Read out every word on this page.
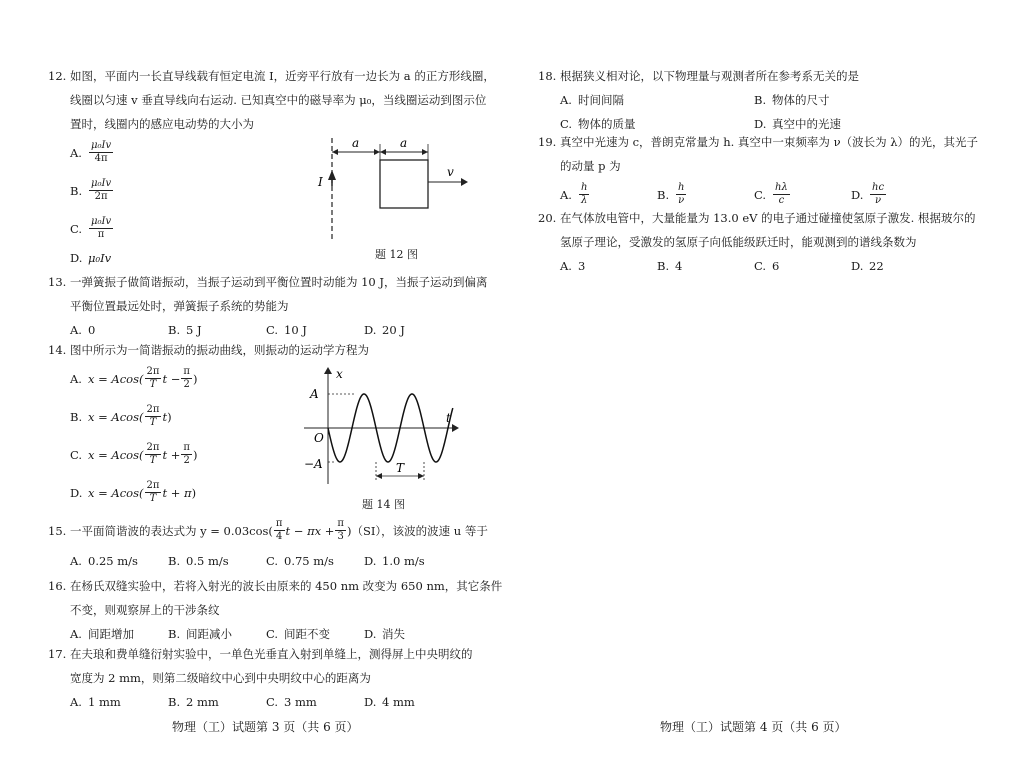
12. 如图，平面内一长直导线载有恒定电流 I，近旁平行放有一边长为 a 的正方形线圈，

线圈以匀速 v 垂直导线向右运动. 已知真空中的磁导率为 μ₀，当线圈运动到图示位

置时，线圈内的感应电动势的大小为

A. $\frac{\text{μ₀Iv}}{4\pi}$
B. $\frac{\text{μ₀Iv}}{2\pi}$
C. $\frac{\text{μ₀Iv}}{\pi}$
D. μ₀Iv
I
a	a
v
题 12 图

13. 一弹簧振子做简谐振动，当振子运动到平衡位置时动能为 10 J，当振子运动到偏离

平衡位置最远处时，弹簧振子系统的势能为

A. 0	B. 5 J	C. 10 J	D. 20 J

14. 图中所示为一简谐振动的振动曲线，则振动的运动学方程为

A. $x = Acos( \frac{2\pi}{T}$ $t - \frac{\pi}{2}$ )
B. $x = Acos( \frac{2\pi}{T}$ t )
C. $x = Acos( \frac{2\pi}{T}$ $t + \frac{\pi}{2}$ )
D. $x = Acos( \frac{2\pi}{T}$ t + π )
t
x
A
−A
O
T
题 14 图

15.
一平面简谐波的表达式为 $y = 0.03\cos( \frac{\pi}{4}$ $t - \pi x + \frac{\pi}{3} )(SI)$，该波的波速 u 等于

A. 0.25 m/s	B. 0.5 m/s	C. 0.75 m/s	D. 1.0 m/s

16. 在杨氏双缝实验中，若将入射光的波长由原来的 450 nm 改变为 650 nm，其它条件

不变，则观察屏上的干涉条纹

A. 间距增加	B. 间距减小	C. 间距不变	D. 消失

17. 在夫琅和费单缝衍射实验中，一单色光垂直入射到单缝上，测得屏上中央明纹的

宽度为 2 mm，则第二级暗纹中心到中央明纹中心的距离为

A. 1 mm	B. 2 mm	C. 3 mm	D. 4 mm
物理（工）试题第 3 页（共 6 页）

18. 根据狭义相对论，以下物理量与观测者所在参考系无关的是

A. 时间间隔	B. 物体的尺寸
C. 物体的质量	D. 真空中的光速

19. 真空中光速为 c，普朗克常量为 h. 真空中一束频率为 ν（波长为 λ）的光，其光子

的动量 p 为

A. $\frac{h}{\lambda}$	B. $\frac{h}{\nu}$	C. $\frac{h\lambda}{c}$	D. $\frac{hc}{\nu}$

20. 在气体放电管中，大量能量为 13.0 eV 的电子通过碰撞使氢原子激发. 根据玻尔的

氢原子理论，受激发的氢原子向低能级跃迁时，能观测到的谱线条数为

A. 3	B. 4	C. 6	D. 22
物理（工）试题第 4 页（共 6 页）
